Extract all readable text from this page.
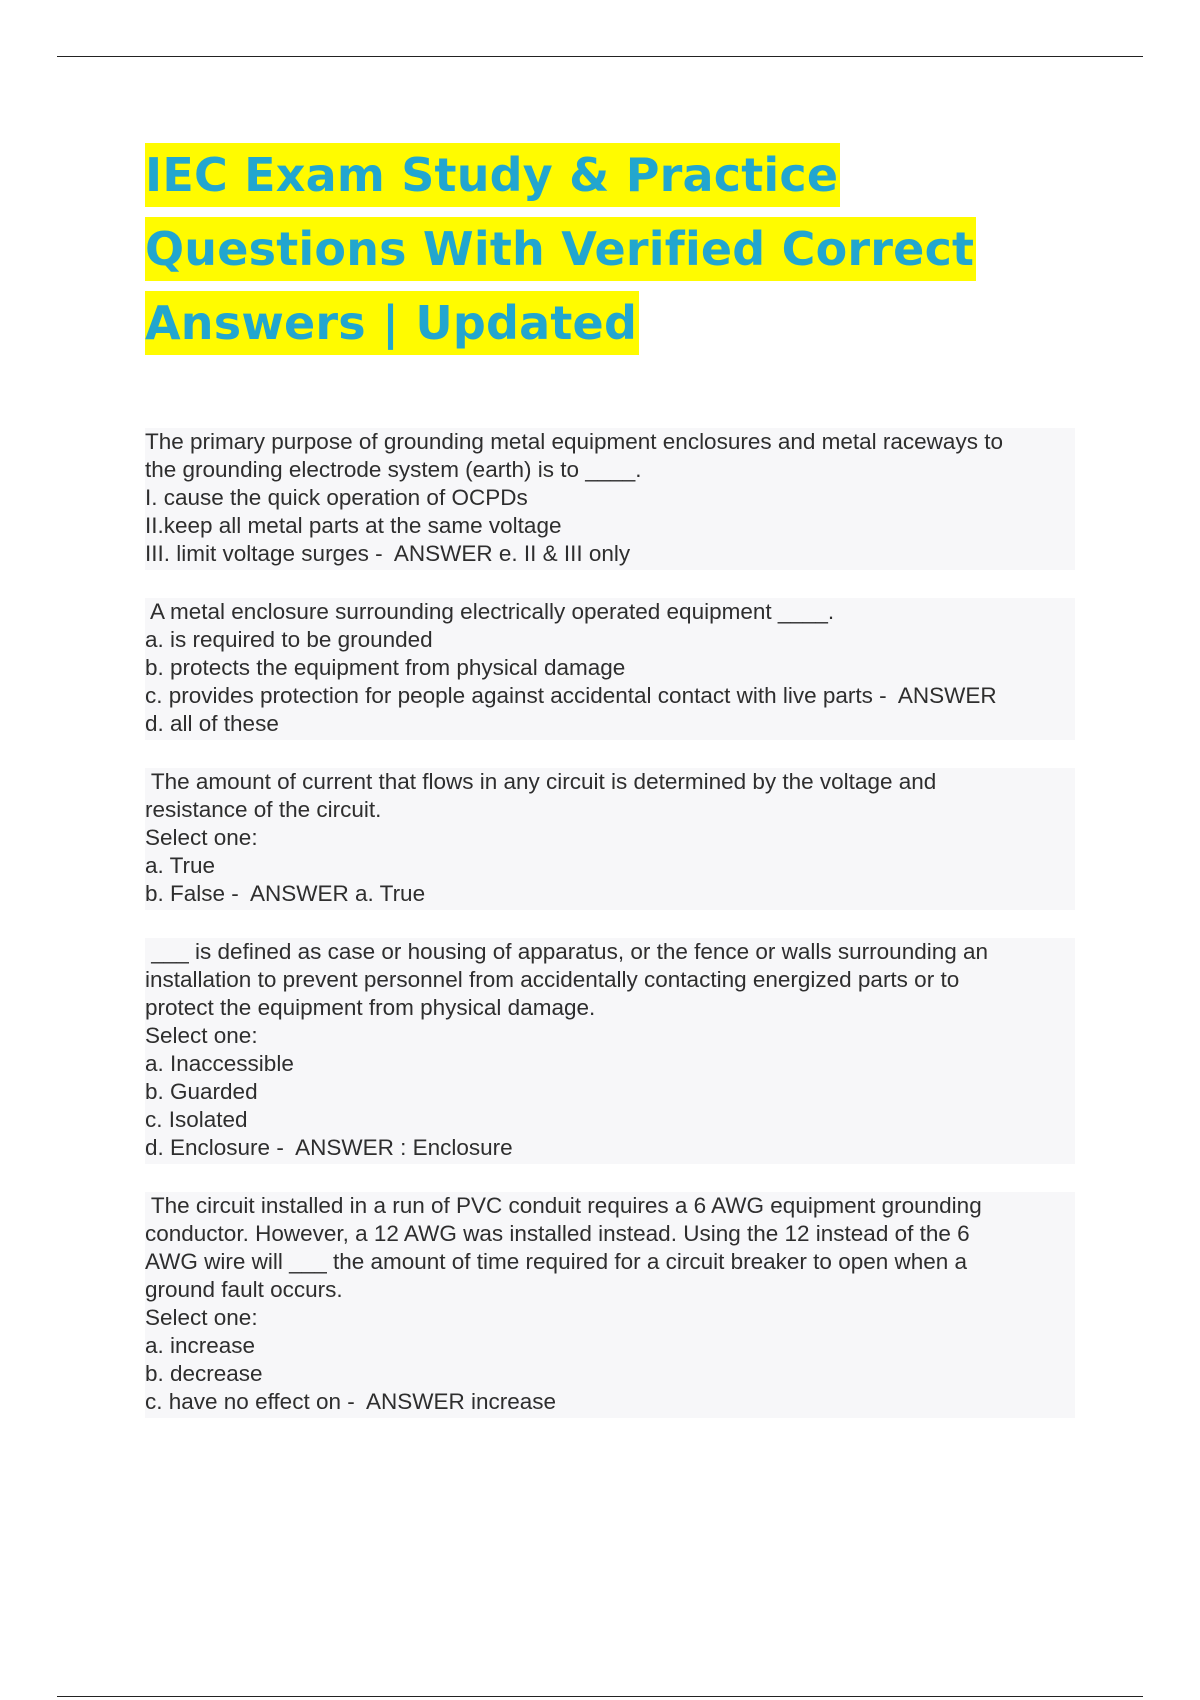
IEC Exam Study & Practice
Questions With Verified Correct
Answers | Updated
The primary purpose of grounding metal equipment enclosures and metal raceways to
the grounding electrode system (earth) is to ____.
I. cause the quick operation of OCPDs
II.keep all metal parts at the same voltage
III. limit voltage surges -  ANSWER e. II & III only
A metal enclosure surrounding electrically operated equipment ____.
a. is required to be grounded
b. protects the equipment from physical damage
c. provides protection for people against accidental contact with live parts -  ANSWER
d. all of these
The amount of current that flows in any circuit is determined by the voltage and
resistance of the circuit.
Select one:
a. True
b. False -  ANSWER a. True
___ is defined as case or housing of apparatus, or the fence or walls surrounding an
installation to prevent personnel from accidentally contacting energized parts or to
protect the equipment from physical damage.
Select one:
a. Inaccessible
b. Guarded
c. Isolated
d. Enclosure -  ANSWER : Enclosure
The circuit installed in a run of PVC conduit requires a 6 AWG equipment grounding
conductor. However, a 12 AWG was installed instead. Using the 12 instead of the 6
AWG wire will ___ the amount of time required for a circuit breaker to open when a
ground fault occurs.
Select one:
a. increase
b. decrease
c. have no effect on -  ANSWER increase
